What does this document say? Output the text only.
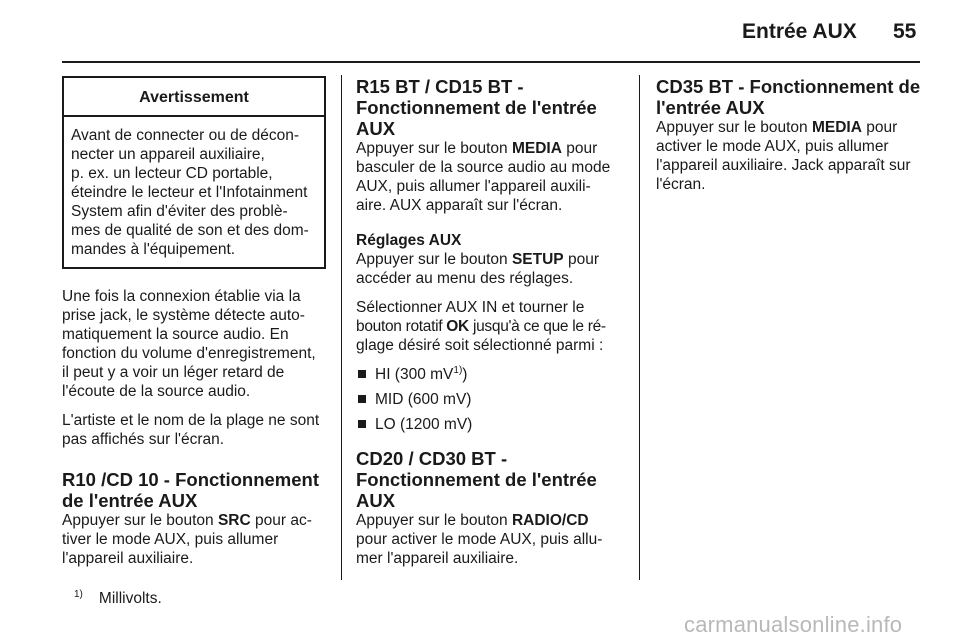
Entrée AUX 55
Avertissement
Avant de connecter ou de décon-
necter un appareil auxiliaire,
p. ex. un lecteur CD portable,
éteindre le lecteur et l'Infotainment
System afin d'éviter des problè-
mes de qualité de son et des dom-
mandes à l'équipement.
Une fois la connexion établie via la
prise jack, le système détecte auto-
matiquement la source audio. En
fonction du volume d'enregistrement,
il peut y a voir un léger retard de
l'écoute de la source audio.
L'artiste et le nom de la plage ne sont
pas affichés sur l'écran.
R10 /CD 10 - Fonctionnement
de l'entrée AUX
Appuyer sur le bouton SRC pour ac-
tiver le mode AUX, puis allumer
l'appareil auxiliaire.
R15 BT / CD15 BT -
Fonctionnement de l'entrée
AUX
Appuyer sur le bouton MEDIA pour
basculer de la source audio au mode
AUX, puis allumer l'appareil auxili-
aire. AUX apparaît sur l'écran.
Réglages AUX
Appuyer sur le bouton SETUP pour
accéder au menu des réglages.
Sélectionner AUX IN et tourner le
bouton rotatif OK jusqu'à ce que le ré-
glage désiré soit sélectionné parmi :
HI (300 $mV^{1)}$)
MID (600 mV)
LO (1200 mV)
CD20 / CD30 BT -
Fonctionnement de l'entrée
AUX
Appuyer sur le bouton RADIO/CD
pour activer le mode AUX, puis allu-
mer l'appareil auxiliaire.
CD35 BT - Fonctionnement de
l'entrée AUX
Appuyer sur le bouton MEDIA pour
activer le mode AUX, puis allumer
l'appareil auxiliaire. Jack apparaît sur
l'écran.
$^{1)}$ Millivolts.
carmanualsonline.info
